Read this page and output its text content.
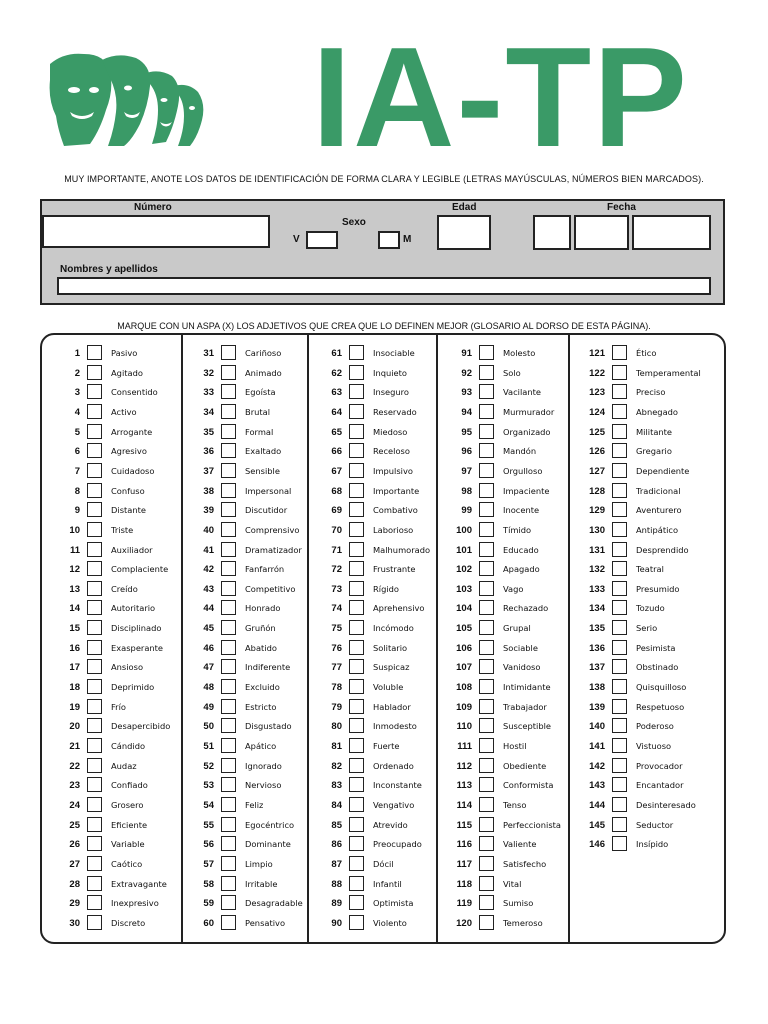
IA-TP
MUY IMPORTANTE, ANOTE LOS DATOS DE IDENTIFICACIÓN DE FORMA CLARA Y LEGIBLE (LETRAS MAYÚSCULAS, NÚMEROS BIEN MARCADOS).
Número
Sexo
V	M
Edad	Fecha
Nombres y apellidos
MARQUE CON UN ASPA (X) LOS ADJETIVOS QUE CREA QUE LO DEFINEN MEJOR (GLOSARIO AL DORSO DE ESTA PÁGINA).
1	Pasivo
2	Agitado
3	Consentido
4	Activo
5	Arrogante
6	Agresivo
7	Cuidadoso
8	Confuso
9	Distante
10	Triste
11	Auxiliador
12	Complaciente
13	Creído
14	Autoritario
15	Disciplinado
16	Exasperante
17	Ansioso
18	Deprimido
19	Frío
20	Desapercibido
21	Cándido
22	Audaz
23	Confiado
24	Grosero
25	Eficiente
26	Variable
27	Caótico
28	Extravagante
29	Inexpresivo
30	Discreto
31	Cariñoso
32	Animado
33	Egoísta
34	Brutal
35	Formal
36	Exaltado
37	Sensible
38	Impersonal
39	Discutidor
40	Comprensivo
41	Dramatizador
42	Fanfarrón
43	Competitivo
44	Honrado
45	Gruñón
46	Abatido
47	Indiferente
48	Excluido
49	Estricto
50	Disgustado
51	Apático
52	Ignorado
53	Nervioso
54	Feliz
55	Egocéntrico
56	Dominante
57	Limpio
58	Irritable
59	Desagradable
60	Pensativo
61	Insociable
62	Inquieto
63	Inseguro
64	Reservado
65	Miedoso
66	Receloso
67	Impulsivo
68	Importante
69	Combativo
70	Laborioso
71	Malhumorado
72	Frustrante
73	Rígido
74	Aprehensivo
75	Incómodo
76	Solitario
77	Suspicaz
78	Voluble
79	Hablador
80	Inmodesto
81	Fuerte
82	Ordenado
83	Inconstante
84	Vengativo
85	Atrevido
86	Preocupado
87	Dócil
88	Infantil
89	Optimista
90	Violento
91	Molesto
92	Solo
93	Vacilante
94	Murmurador
95	Organizado
96	Mandón
97	Orgulloso
98	Impaciente
99	Inocente
100	Tímido
101	Educado
102	Apagado
103	Vago
104	Rechazado
105	Grupal
106	Sociable
107	Vanidoso
108	Intimidante
109	Trabajador
110	Susceptible
111	Hostil
112	Obediente
113	Conformista
114	Tenso
115	Perfeccionista
116	Valiente
117	Satisfecho
118	Vital
119	Sumiso
120	Temeroso
121	Ético
122	Temperamental
123	Preciso
124	Abnegado
125	Militante
126	Gregario
127	Dependiente
128	Tradicional
129	Aventurero
130	Antipático
131	Desprendido
132	Teatral
133	Presumido
134	Tozudo
135	Serio
136	Pesimista
137	Obstinado
138	Quisquilloso
139	Respetuoso
140	Poderoso
141	Vistuoso
142	Provocador
143	Encantador
144	Desinteresado
145	Seductor
146	Insípido
